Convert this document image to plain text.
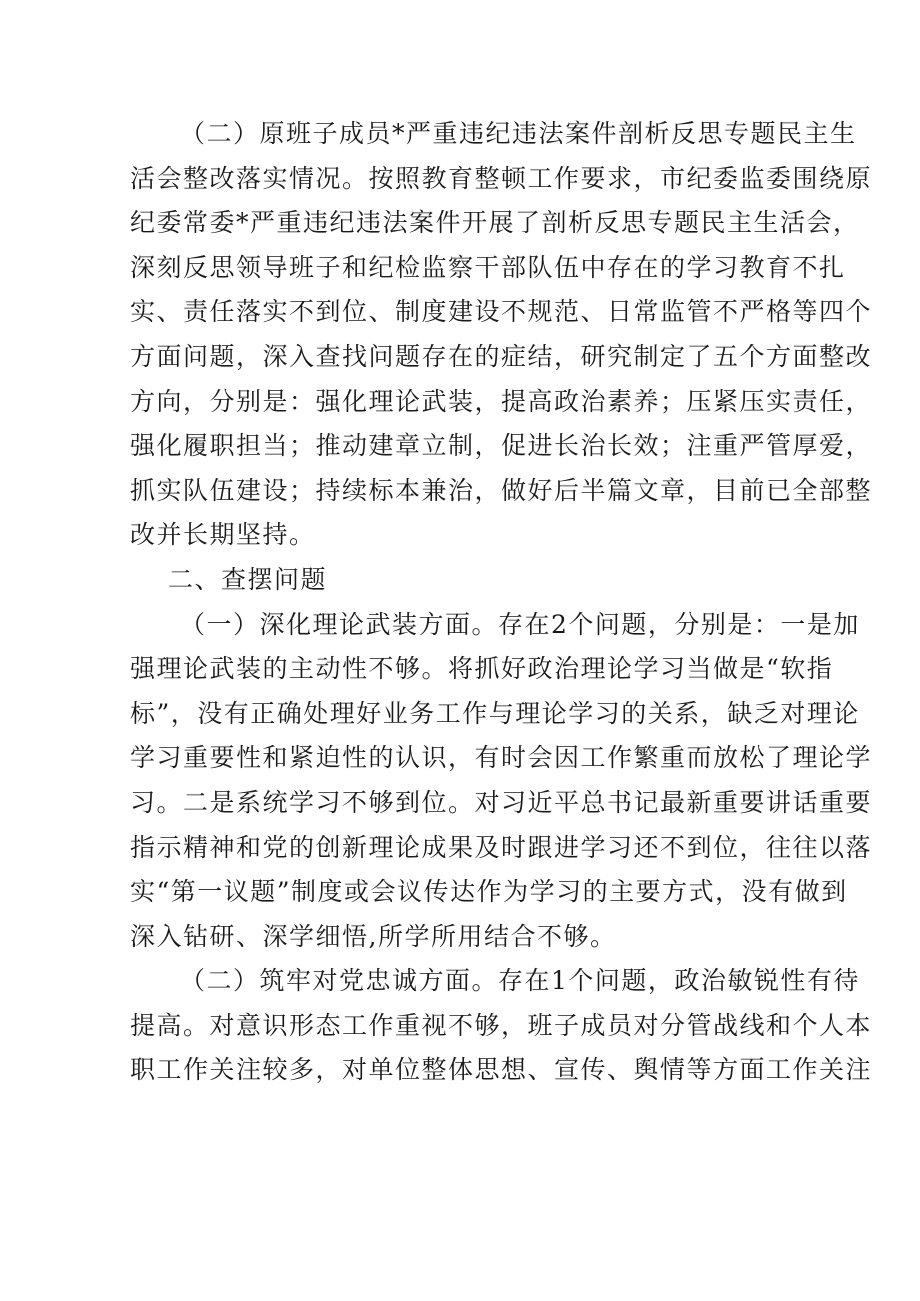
（二）原班子成员*严重违纪违法案件剖析反思专题民主生
活会整改落实情况。按照教育整顿工作要求，市纪委监委围绕原
纪委常委*严重违纪违法案件开展了剖析反思专题民主生活会，
深刻反思领导班子和纪检监察干部队伍中存在的学习教育不扎
实、责任落实不到位、制度建设不规范、日常监管不严格等四个
方面问题，深入查找问题存在的症结，研究制定了五个方面整改
方向，分别是：强化理论武装，提高政治素养；压紧压实责任，
强化履职担当；推动建章立制，促进长治长效；注重严管厚爱，
抓实队伍建设；持续标本兼治，做好后半篇文章，目前已全部整
改并长期坚持。
二、查摆问题
（一）深化理论武装方面。存在2个问题，分别是：一是加
强理论武装的主动性不够。将抓好政治理论学习当做是“软指
标”，没有正确处理好业务工作与理论学习的关系，缺乏对理论
学习重要性和紧迫性的认识，有时会因工作繁重而放松了理论学
习。二是系统学习不够到位。对习近平总书记最新重要讲话重要
指示精神和党的创新理论成果及时跟进学习还不到位，往往以落
实“第一议题”制度或会议传达作为学习的主要方式，没有做到
深入钻研、深学细悟,所学所用结合不够。
（二）筑牢对党忠诚方面。存在1个问题，政治敏锐性有待
提高。对意识形态工作重视不够，班子成员对分管战线和个人本
职工作关注较多，对单位整体思想、宣传、舆情等方面工作关注
